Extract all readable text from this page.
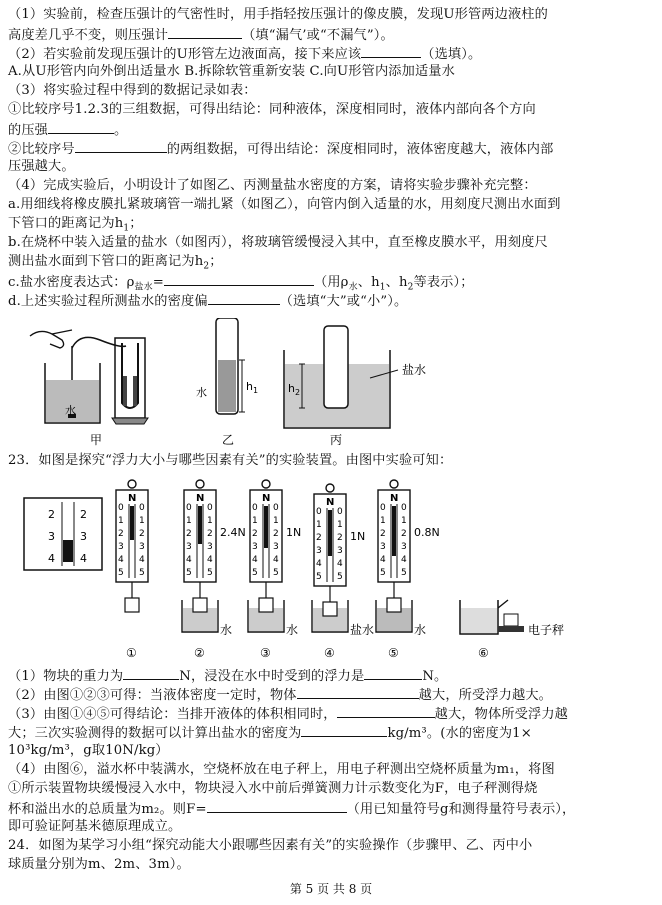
（1）实验前，检查压强计的气密性时，用手指轻按压强计的像皮膜，发现U形管两边液柱的
高度差几乎不变，则压强计	（填“漏气’或“不漏气”）。
（2）若实验前发现压强计的U形管左边液面高，接下来应该	（选填）。
A.从U形管内向外倒出适量水 B.拆除软管重新安装 C.向U形管内添加适量水
（3）将实验过程中得到的数据记录如表：
①比较序号1.2.3的三组数据，可得出结论：同种液体，深度相同时，液体内部向各个方向
的压强	。
②比较序号	的两组数据，可得出结论：深度相同时，液体密度越大，液体内部
压强越大。
（4）完成实验后，小明设计了如图乙、丙测量盐水密度的方案，请将实验步骤补充完整：
a.用细线将橡皮膜扎紧玻璃管一端扎紧（如图乙），向管内倒入适量的水，用刻度尺测出水面到
下管口的距离记为$h_1$；
b.在烧杯中装入适量的盐水（如图丙），将玻璃管缓慢浸入其中，直至橡皮膜水平，用刻度尺
测出盐水面到下管口的距离记为$h_2$；
c.盐水密度表达式：$\rho_{盐水}=$	（用$\rho_水$、$h_1$、$h_2$等表示）；
d.上述实验过程所测盐水的密度偏	（选填“大”或“小”）。
水
甲
水	$h_1$
乙
$h_2$
盐水
丙
23．如图是探究“浮力大小与哪些因素有关”的实验装置。由图中实验可知：
2
3
4
2
3
4
N
0 0
1 1
2 2
3 3
4 4
5 5
①
N
0 0
1 1
2 2
3 3
4 4
5 5
2.4N
水
②
N
0 0
1 1
2 2
3 3
4 4
5 5
1N
水
③
N
0 0
1 1
2 2
3 3
4 4
5 5
1N
盐水
④
N
0 0
1 1
2 2
3 3
4 4
5 5
0.8N
水
⑤
电子秤
⑥
（1）物块的重力为	N，浸没在水中时受到的浮力是	N。
（2）由图①②③可得：当液体密度一定时，物体	越大，所受浮力越大。
（3）由图①④⑤可得结论：当排开液体的体积相同时，	越大，物体所受浮力越
大；三次实验测得的数据可以计算出盐水的密度为	kg/m³。(水的密度为1×
10³kg/m³，g取10N/kg）
（4）由图⑥，溢水杯中装满水，空烧杯放在电子秤上，用电子秤测出空烧杯质量为m₁，将图
①所示装置物块缓慢浸入水中，物块浸入水中前后弹簧测力计示数变化为F，电子秤测得烧
杯和溢出水的总质量为m₂。则F=	（用已知量符号g和测得量符号表示），
即可验证阿基米德原理成立。
24．如图为某学习小组“探究动能大小跟哪些因素有关”的实验操作（步骤甲、乙、丙中小
球质量分别为m、2m、3m）。
第 5 页 共 8 页
